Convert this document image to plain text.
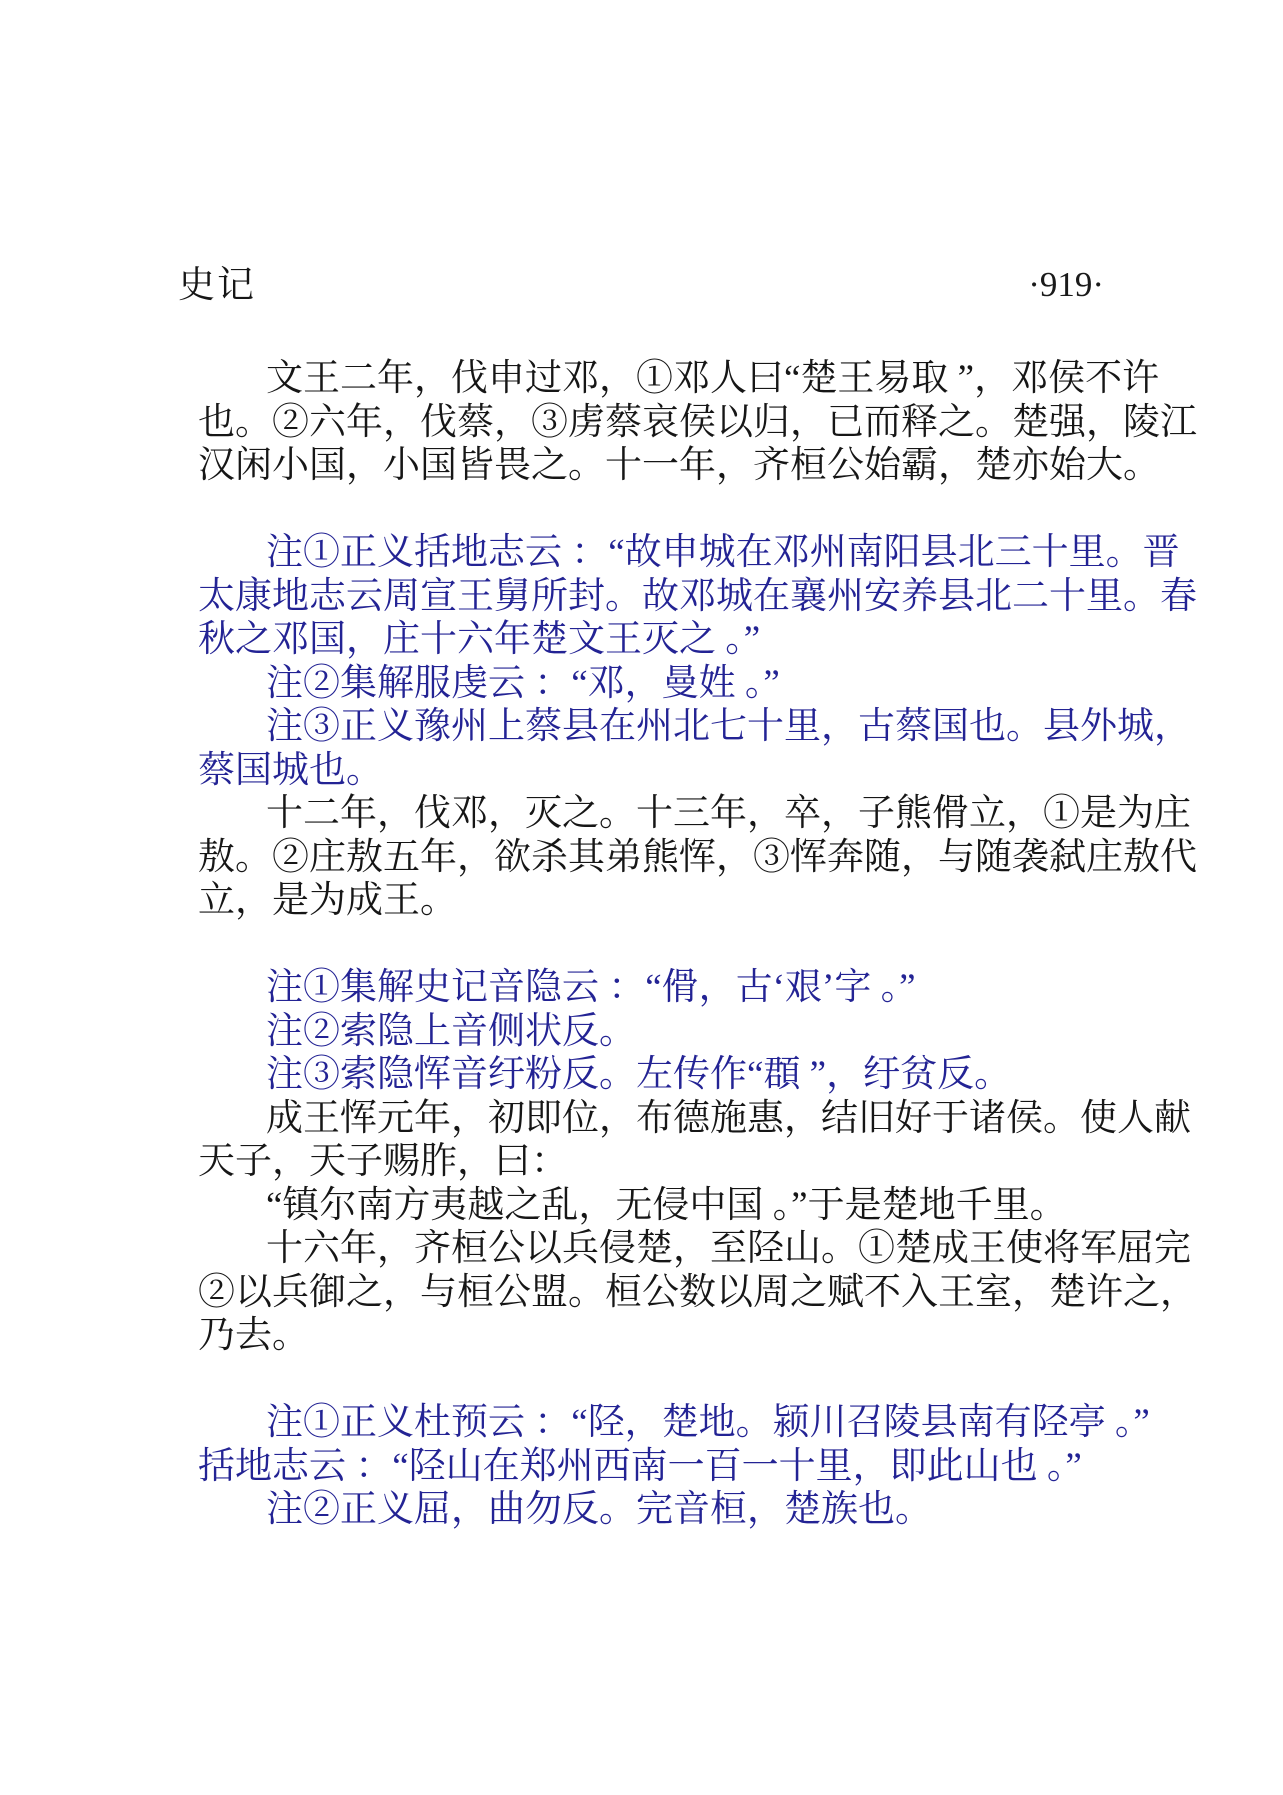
史记	·919·
文王二年，伐申过邓，①邓人曰“楚王易取 ”，邓侯不许
也。②六年，伐蔡，③虏蔡哀侯以归，已而释之。楚强，陵江
汉闲小国，小国皆畏之。十一年，齐桓公始霸，楚亦始大。
注①正义括地志云 ：“故申城在邓州南阳县北三十里。晋
太康地志云周宣王舅所封。故邓城在襄州安养县北二十里。春
秋之邓国，庄十六年楚文王灭之 。”
注②集解服虔云 ：“邓，曼姓 。”
注③正义豫州上蔡县在州北七十里，古蔡国也。县外城，
蔡国城也。
十二年，伐邓，灭之。十三年，卒，子熊傦立，①是为庄
敖。②庄敖五年，欲杀其弟熊恽，③恽奔随，与随袭弑庄敖代
立，是为成王。
注①集解史记音隐云 ：“傦，古‘艰’字 。”
注②索隐上音侧状反。
注③索隐恽音纡粉反。左传作“頵 ”，纡贫反。
成王恽元年，初即位，布德施惠，结旧好于诸侯。使人献
天子，天子赐胙，曰：
“镇尔南方夷越之乱，无侵中国 。”于是楚地千里。
十六年，齐桓公以兵侵楚，至陉山。①楚成王使将军屈完
②以兵御之，与桓公盟。桓公数以周之赋不入王室，楚许之，
乃去。
注①正义杜预云 ：“陉，楚地。颍川召陵县南有陉亭 。”
括地志云 ：“陉山在郑州西南一百一十里，即此山也 。”
注②正义屈，曲勿反。完音桓，楚族也。
